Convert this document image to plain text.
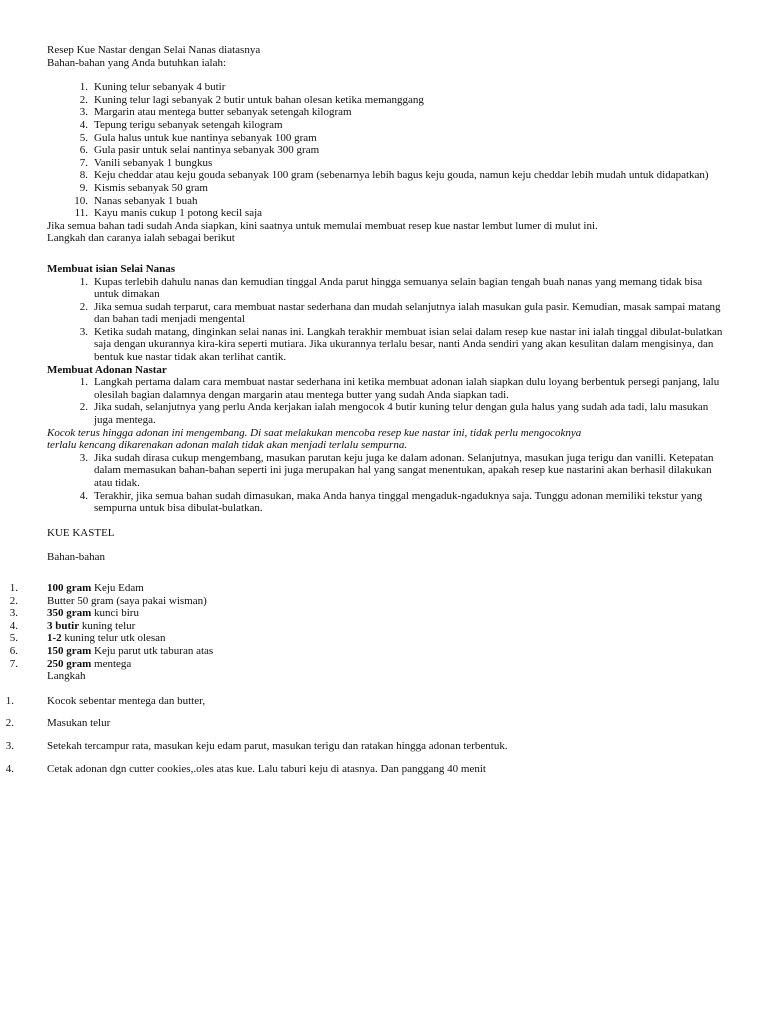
Resep Kue Nastar dengan Selai Nanas diatasnya

Bahan-bahan yang Anda butuhkan ialah:

1. Kuning telur sebanyak 4 butir
2. Kuning telur lagi sebanyak 2 butir untuk bahan olesan ketika memanggang
3. Margarin atau mentega butter sebanyak setengah kilogram
4. Tepung terigu sebanyak setengah kilogram
5. Gula halus untuk kue nantinya sebanyak 100 gram
6. Gula pasir untuk selai nantinya sebanyak 300 gram
7. Vanili sebanyak 1 bungkus
8. Keju cheddar atau keju gouda sebanyak 100 gram (sebenarnya lebih bagus keju gouda, namun keju cheddar lebih mudah untuk didapatkan)
9. Kismis sebanyak 50 gram
10. Nanas sebanyak 1 buah
11. Kayu manis cukup 1 potong kecil saja

Jika semua bahan tadi sudah Anda siapkan, kini saatnya untuk memulai membuat resep kue nastar lembut lumer di mulut ini.

Langkah dan caranya ialah sebagai berikut

Membuat isian Selai Nanas

1. Kupas terlebih dahulu nanas dan kemudian tinggal Anda parut hingga semuanya selain bagian tengah buah nanas yang memang tidak bisa untuk dimakan
2. Jika semua sudah terparut, cara membuat nastar sederhana dan mudah selanjutnya ialah masukan gula pasir. Kemudian, masak sampai matang dan bahan tadi menjadi mengental
3. Ketika sudah matang, dinginkan selai nanas ini. Langkah terakhir membuat isian selai dalam resep kue nastar ini ialah tinggal dibulat-bulatkan saja dengan ukurannya kira-kira seperti mutiara. Jika ukurannya terlalu besar, nanti Anda sendiri yang akan kesulitan dalam mengisinya, dan bentuk kue nastar tidak akan terlihat cantik.

Membuat Adonan Nastar

1. Langkah pertama dalam cara membuat nastar sederhana ini ketika membuat adonan ialah siapkan dulu loyang berbentuk persegi panjang, lalu olesilah bagian dalamnya dengan margarin atau mentega butter yang sudah Anda siapkan tadi.
2. Jika sudah, selanjutnya yang perlu Anda kerjakan ialah mengocok 4 butir kuning telur dengan gula halus yang sudah ada tadi, lalu masukan juga mentega.

Kocok terus hingga adonan ini mengembang. Di saat melakukan mencoba resep kue nastar ini, tidak perlu mengocoknya

terlalu kencang dikarenakan adonan malah tidak akan menjadi terlalu sempurna.

3. Jika sudah dirasa cukup mengembang, masukan parutan keju juga ke dalam adonan. Selanjutnya, masukan juga terigu dan vanilli. Ketepatan dalam memasukan bahan-bahan seperti ini juga merupakan hal yang sangat menentukan, apakah resep kue nastarini akan berhasil dilakukan atau tidak.
4. Terakhir, jika semua bahan sudah dimasukan, maka Anda hanya tinggal mengaduk-ngaduknya saja. Tunggu adonan memiliki tekstur yang sempurna untuk bisa dibulat-bulatkan.

KUE KASTEL

Bahan-bahan

1.	100 gram Keju Edam
2.	Butter 50 gram (saya pakai wisman)
3.	350 gram kunci biru
4.	3 butir kuning telur
5.	1-2 kuning telur utk olesan
6.	150 gram Keju parut utk taburan atas
7.	250 gram mentega

Langkah

1.	Kocok sebentar mentega dan butter,
2.	Masukan telur
3.	Setekah tercampur rata, masukan keju edam parut, masukan terigu dan ratakan hingga adonan terbentuk.
4.	Cetak adonan dgn cutter cookies,.oles atas kue. Lalu taburi keju di atasnya. Dan panggang 40 menit
